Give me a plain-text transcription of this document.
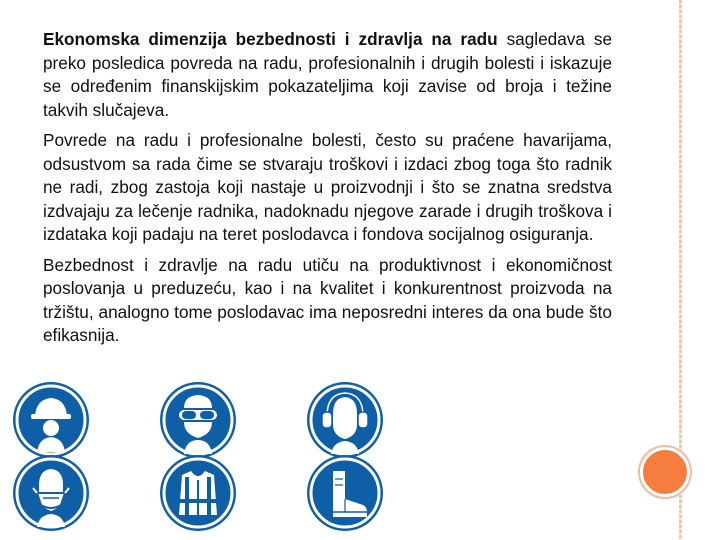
Ekonomska dimenzija bezbednosti i zdravlja na radu sagledava se preko posledica povreda na radu, profesionalnih i drugih bolesti i iskazuje se određenim finanskijskim pokazateljima koji zavise od broja i težine takvih slučajeva.

Povrede na radu i profesionalne bolesti, često su praćene havarijama, odsustvom sa rada čime se stvaraju troškovi i izdaci zbog toga što radnik ne radi, zbog zastoja koji nastaje u proizvodnji i što se znatna sredstva izdvajaju za lečenje radnika, nadoknadu njegove zarade i drugih troškova i izdataka koji padaju na teret poslodavca i fondova socijalnog osiguranja.

Bezbednost i zdravlje na radu utiču na produktivnost i ekonomičnost poslovanja u preduzeću, kao i na kvalitet i konkurentnost proizvoda na tržištu, analogno tome poslodavac ima neposredni interes da ona bude što efikasnija.
